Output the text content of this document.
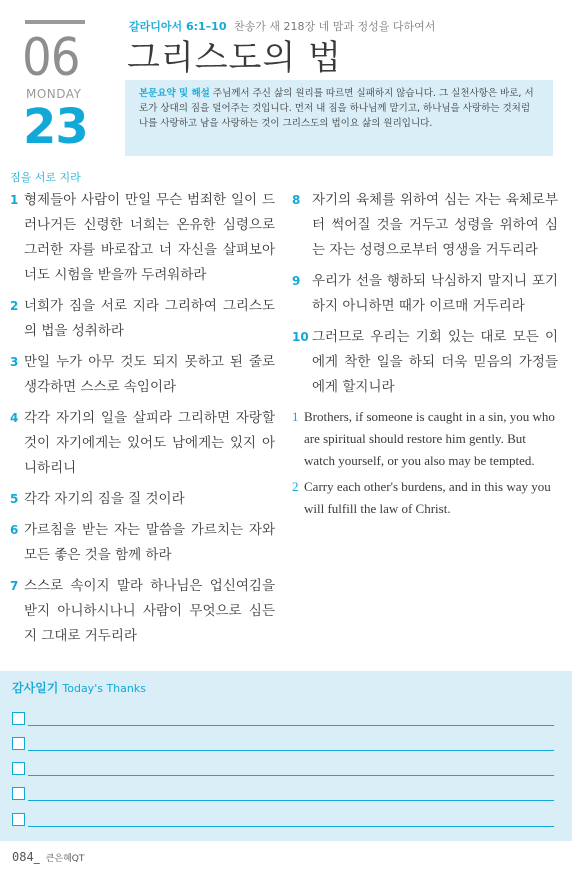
06
MONDAY
23
갈라디아서 6:1–10 찬송가 새 218장 네 맘과 정성을 다하여서
그리스도의 법
본문요약 및 해설 주님께서 주신 삶의 원리를 따르면 실패하지 않습니다. 그 실천사항은 바로, 서로가 상대의 짐을 덜어주는 것입니다. 먼저 내 짐을 하나님께 맡기고, 하나님을 사랑하는 것처럼 나를 사랑하고 남을 사랑하는 것이 그리스도의 법이요 삶의 원리입니다.
짐을 서로 지라
1 형제들아 사람이 만일 무슨 범죄한 일이 드러나거든 신령한 너희는 온유한 심령으로 그러한 자를 바로잡고 너 자신을 살펴보아 너도 시험을 받을까 두려워하라
2 너희가 짐을 서로 지라 그리하여 그리스도의 법을 성취하라
3 만일 누가 아무 것도 되지 못하고 된 줄로 생각하면 스스로 속임이라
4 각각 자기의 일을 살피라 그리하면 자랑할 것이 자기에게는 있어도 남에게는 있지 아니하리니
5 각각 자기의 짐을 질 것이라
6 가르침을 받는 자는 말씀을 가르치는 자와 모든 좋은 것을 함께 하라
7 스스로 속이지 말라 하나님은 업신여김을 받지 아니하시나니 사람이 무엇으로 심든지 그대로 거두리라
8 자기의 육체를 위하여 심는 자는 육체로부터 썩어질 것을 거두고 성령을 위하여 심는 자는 성령으로부터 영생을 거두리라
9 우리가 선을 행하되 낙심하지 말지니 포기하지 아니하면 때가 이르매 거두리라
10 그러므로 우리는 기회 있는 대로 모든 이에게 착한 일을 하되 더욱 믿음의 가정들에게 할지니라
1 Brothers, if someone is caught in a sin, you who are spiritual should restore him gently. But watch yourself, or you also may be tempted.
2 Carry each other's burdens, and in this way you will fulfill the law of Christ.
감사일기 Today's Thanks
084_ 큰은혜QT
